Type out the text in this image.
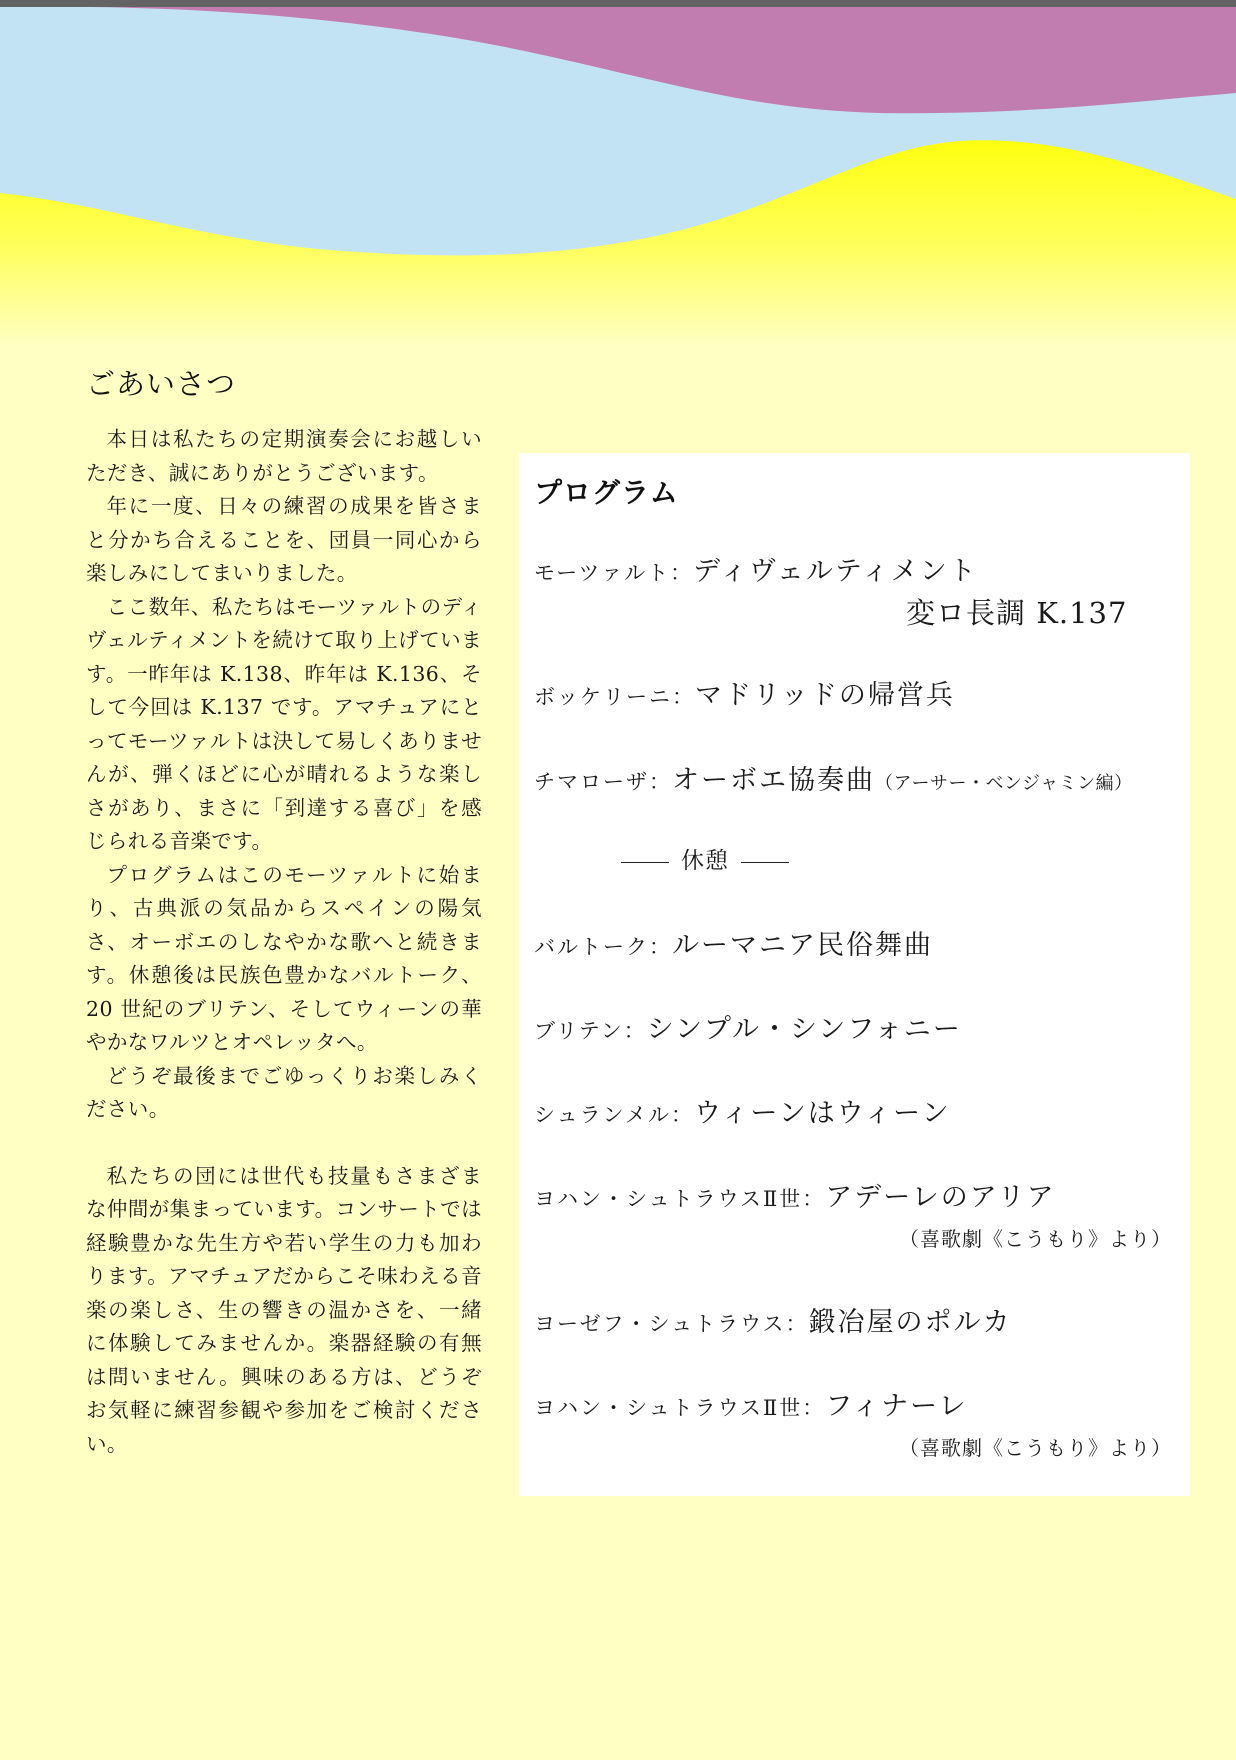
ごあいさつ

本日は私たちの定期演奏会にお越しいただき、誠にありがとうございます。

年に一度、日々の練習の成果を皆さまと分かち合えることを、団員一同心から楽しみにしてまいりました。

ここ数年、私たちはモーツァルトのディヴェルティメントを続けて取り上げています。一昨年は K.138、昨年は K.136、そして今回は K.137 です。アマチュアにとってモーツァルトは決して易しくありませんが、弾くほどに心が晴れるような楽しさがあり、まさに「到達する喜び」を感じられる音楽です。

プログラムはこのモーツァルトに始まり、古典派の気品からスペインの陽気さ、オーボエのしなやかな歌へと続きます。休憩後は民族色豊かなバルトーク、20 世紀のブリテン、そしてウィーンの華やかなワルツとオペレッタへ。

どうぞ最後までごゆっくりお楽しみください。

私たちの団には世代も技量もさまざまな仲間が集まっています。コンサートでは経験豊かな先生方や若い学生の力も加わります。アマチュアだからこそ味わえる音楽の楽しさ、生の響きの温かさを、一緒に体験してみませんか。楽器経験の有無は問いません。興味のある方は、どうぞお気軽に練習参観や参加をご検討ください。

プログラム
モーツァルト：ディヴェルティメント
変ロ長調 K.137
ボッケリーニ：マドリッドの帰営兵
チマローザ：オーボエ協奏曲（アーサー・ベンジャミン編）
休憩
バルトーク：ルーマニア民俗舞曲
ブリテン：シンプル・シンフォニー
シュランメル：ウィーンはウィーン
ヨハン・シュトラウスⅡ世：アデーレのアリア
（喜歌劇《こうもり》より）
ヨーゼフ・シュトラウス：鍛冶屋のポルカ
ヨハン・シュトラウスⅡ世：フィナーレ
（喜歌劇《こうもり》より）
